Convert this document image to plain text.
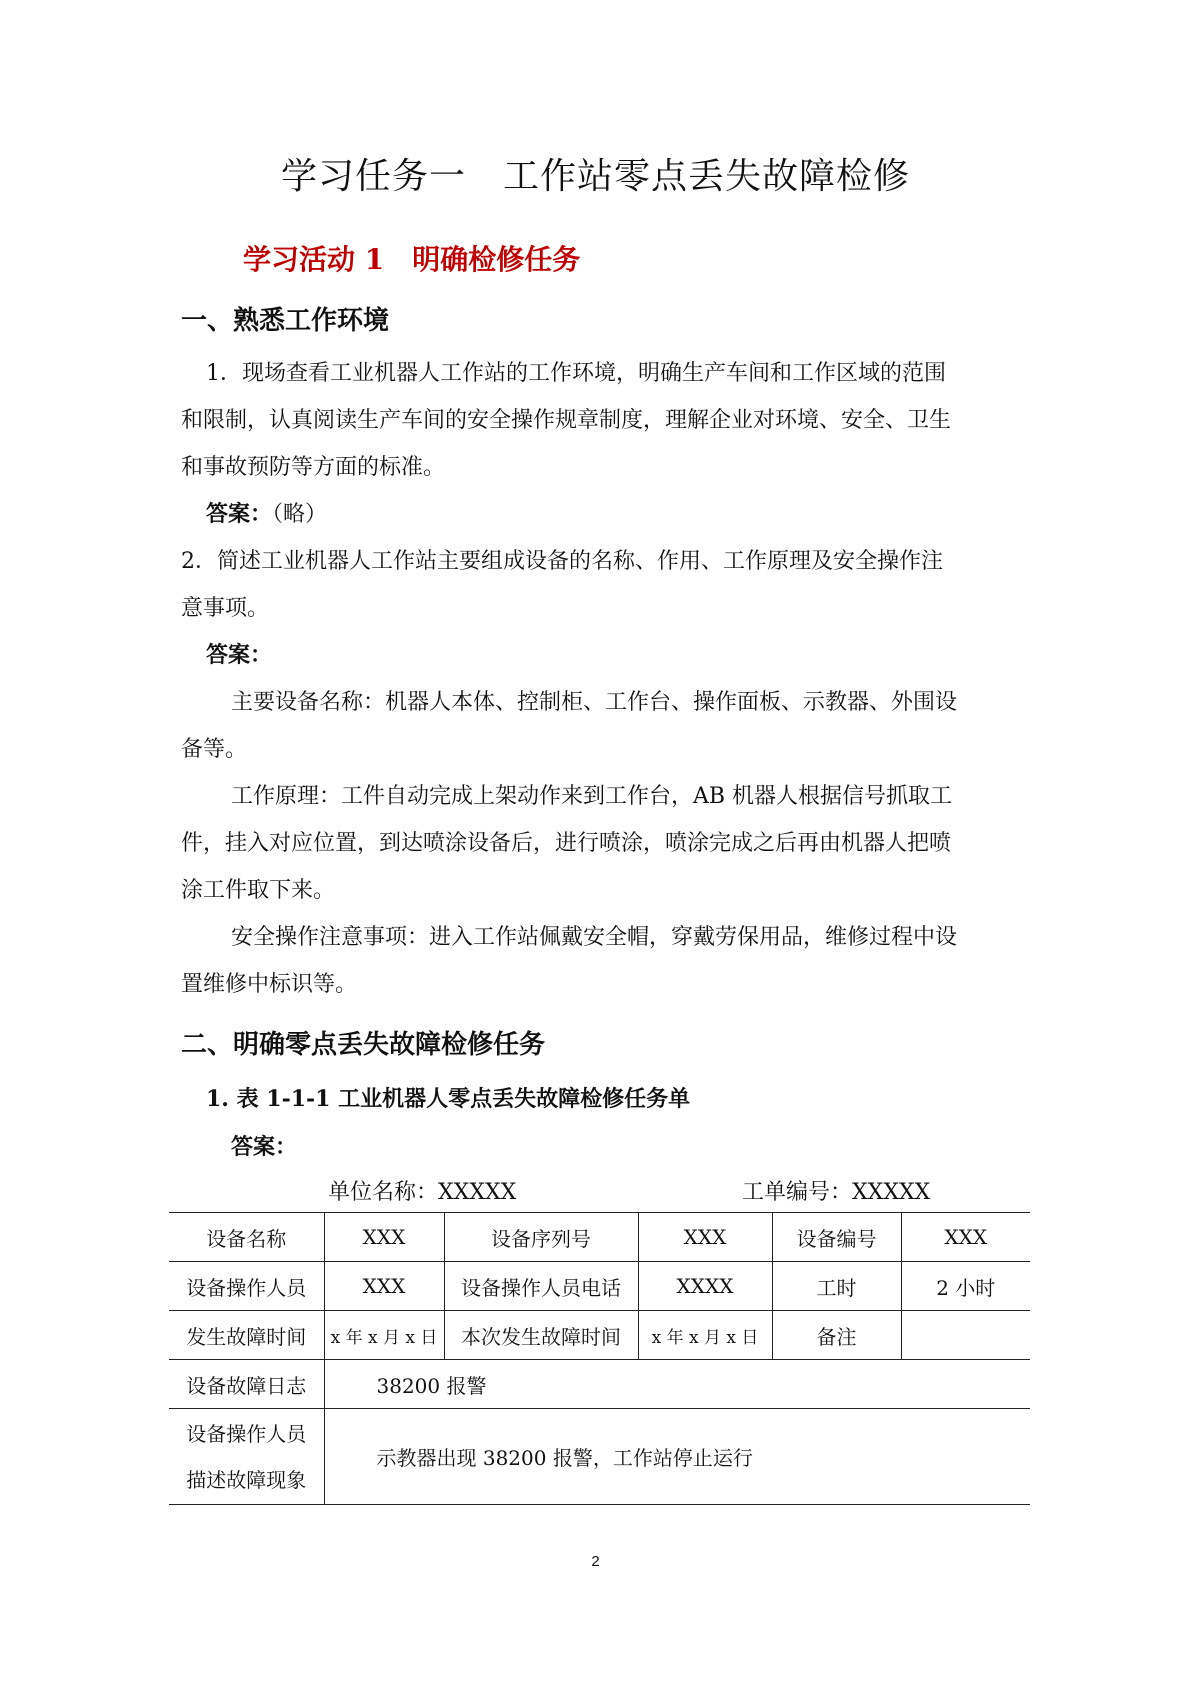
学习任务一　工作站零点丢失故障检修
学习活动 1　明确检修任务
一、熟悉工作环境
1．现场查看工业机器人工作站的工作环境，明确生产车间和工作区域的范围
和限制，认真阅读生产车间的安全操作规章制度，理解企业对环境、安全、卫生
和事故预防等方面的标准。
答案：（略）
2．简述工业机器人工作站主要组成设备的名称、作用、工作原理及安全操作注
意事项。
答案：
主要设备名称：机器人本体、控制柜、工作台、操作面板、示教器、外围设
备等。
工作原理：工件自动完成上架动作来到工作台，AB 机器人根据信号抓取工
件，挂入对应位置，到达喷涂设备后，进行喷涂，喷涂完成之后再由机器人把喷
涂工件取下来。
安全操作注意事项：进入工作站佩戴安全帽，穿戴劳保用品，维修过程中设
置维修中标识等。
二、明确零点丢失故障检修任务
1. 表 1-1-1 工业机器人零点丢失故障检修任务单
答案：
单位名称：XXXXX	工单编号：XXXXX
设备名称	XXX	设备序列号	XXX	设备编号	XXX
设备操作人员	XXX	设备操作人员电话	XXXX	工时	2 小时
发生故障时间	x 年 x 月 x 日	本次发生故障时间	x 年 x 月 x 日	备注	
设备故障日志	38200 报警				

设备操作人员
描述故障现象	示教器出现 38200 报警，工作站停止运行				
2
